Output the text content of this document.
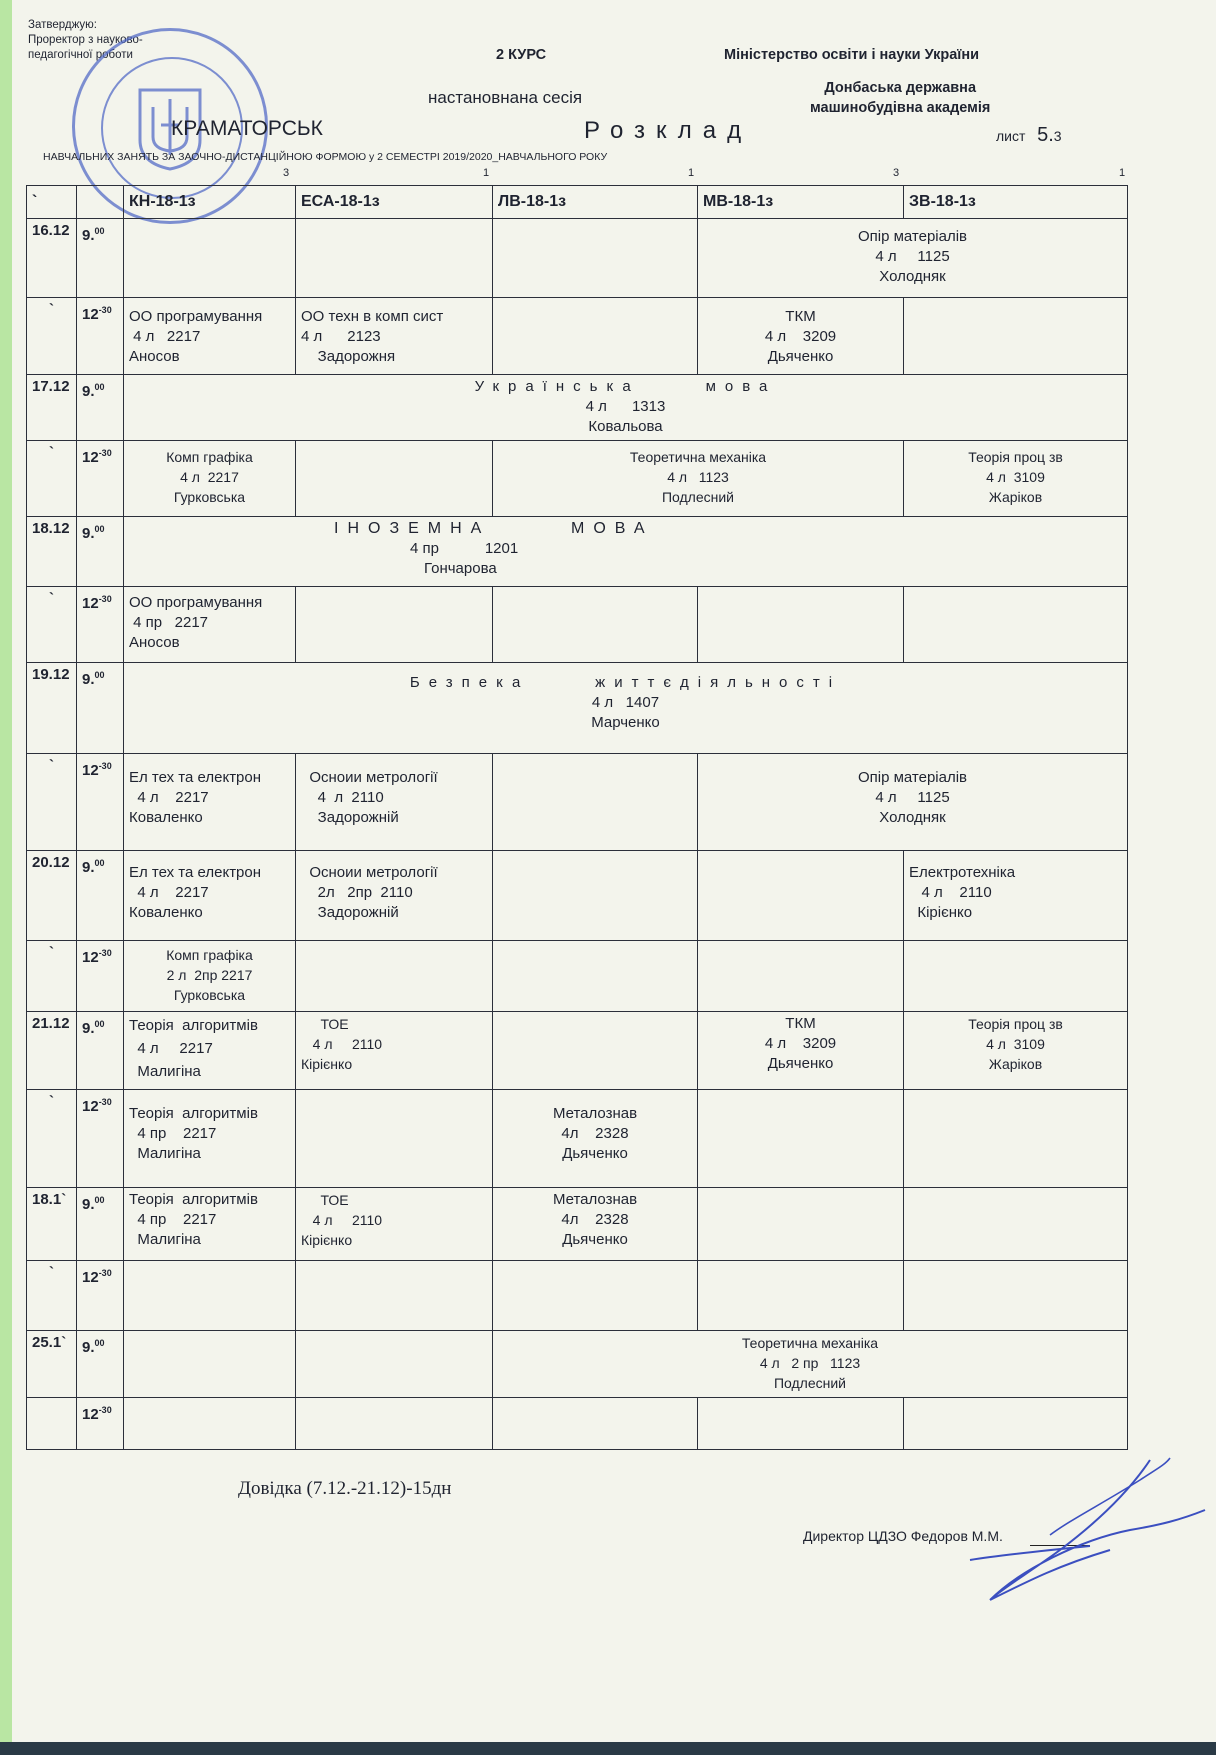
Затверджую:
Проректор з науково-
педагогічної роботи	2 КУРС	Міністерство освіти і науки України
настановнана сесія	Донбаська державна
машинобудівна академія
КРАМАТОРСЬК	Розклад	лист 5.3
НАВЧАЛЬНИХ ЗАНЯТЬ ЗА ЗАОЧНО-ДИСТАНЦІЙНОЮ ФОРМОЮ у 2 СЕМЕСТРІ 2019/2020_НАВЧАЛЬНОГО РОКУ
3	1	1	3	1
`		КН-18-1з	ЕСА-18-1з	ЛВ-18-1з	МВ-18-1з	ЗВ-18-1з
16.12	9.00				Опір матеріалів
4 л     1125
Холодняк	

`	$12^{-30}$	ОО програмування
4 л   2217
Аносов	ОО техн в комп сист
4 л      2123
Задорожня		ТКМ
4 л    3209
Дьяченко	

17.12	9.00	Українська     мова
4 л      1313
Ковальова				

`	$12^{-30}$	Комп графіка
4 л  2217
Гурковська		Теоретична механіка
4 л   1123
Подлесний		Теорія проц зв
4 л  3109
Жаріков

18.12	9.00	ІНОЗЕМНА      МОВА
4 пр           1201
Гончарова				

`	$12^{-30}$	ОО програмування
4 пр   2217
Аносов				

19.12	9.00	Безпека     життєдіяльності
4 л   1407
Марченко				

`	$12^{-30}$	Ел тех та електрон
4 л    2217
Коваленко	Осноии метрології
4  л  2110
Задорожній		Опір матеріалів
4 л     1125
Холодняк	

20.12	9.00	Ел тех та електрон
4 л    2217
Коваленко	Осноии метрології
2л   2пр  2110
Задорожній			Електротехніка
4 л    2110
Кірієнко

`	$12^{-30}$	Комп графіка
2 л  2пр 2217
Гурковська				

21.12	9.00	Теорія  алгоритмів
4 л     2217
Малигіна	ТОЕ
4 л     2110
Кірієнко		ТКМ
4 л    3209
Дьяченко	Теорія проц зв
4 л  3109
Жаріков

`	$12^{-30}$	Теорія  алгоритмів
4 пр    2217
Малигіна		Металознав
4л    2328
Дьяченко		

18.1`	9.00	Теорія  алгоритмів
4 пр    2217
Малигіна	ТОЕ
4 л     2110
Кірієнко	Металознав
4л    2328
Дьяченко		

`	$12^{-30}$					
25.1`	9.00			Теоретична механіка
4 л   2 пр   1123
Подлесний		

	$12^{-30}$					
Довідка (7.12.-21.12)-15дн
Директор ЦДЗО Федоров М.М.
